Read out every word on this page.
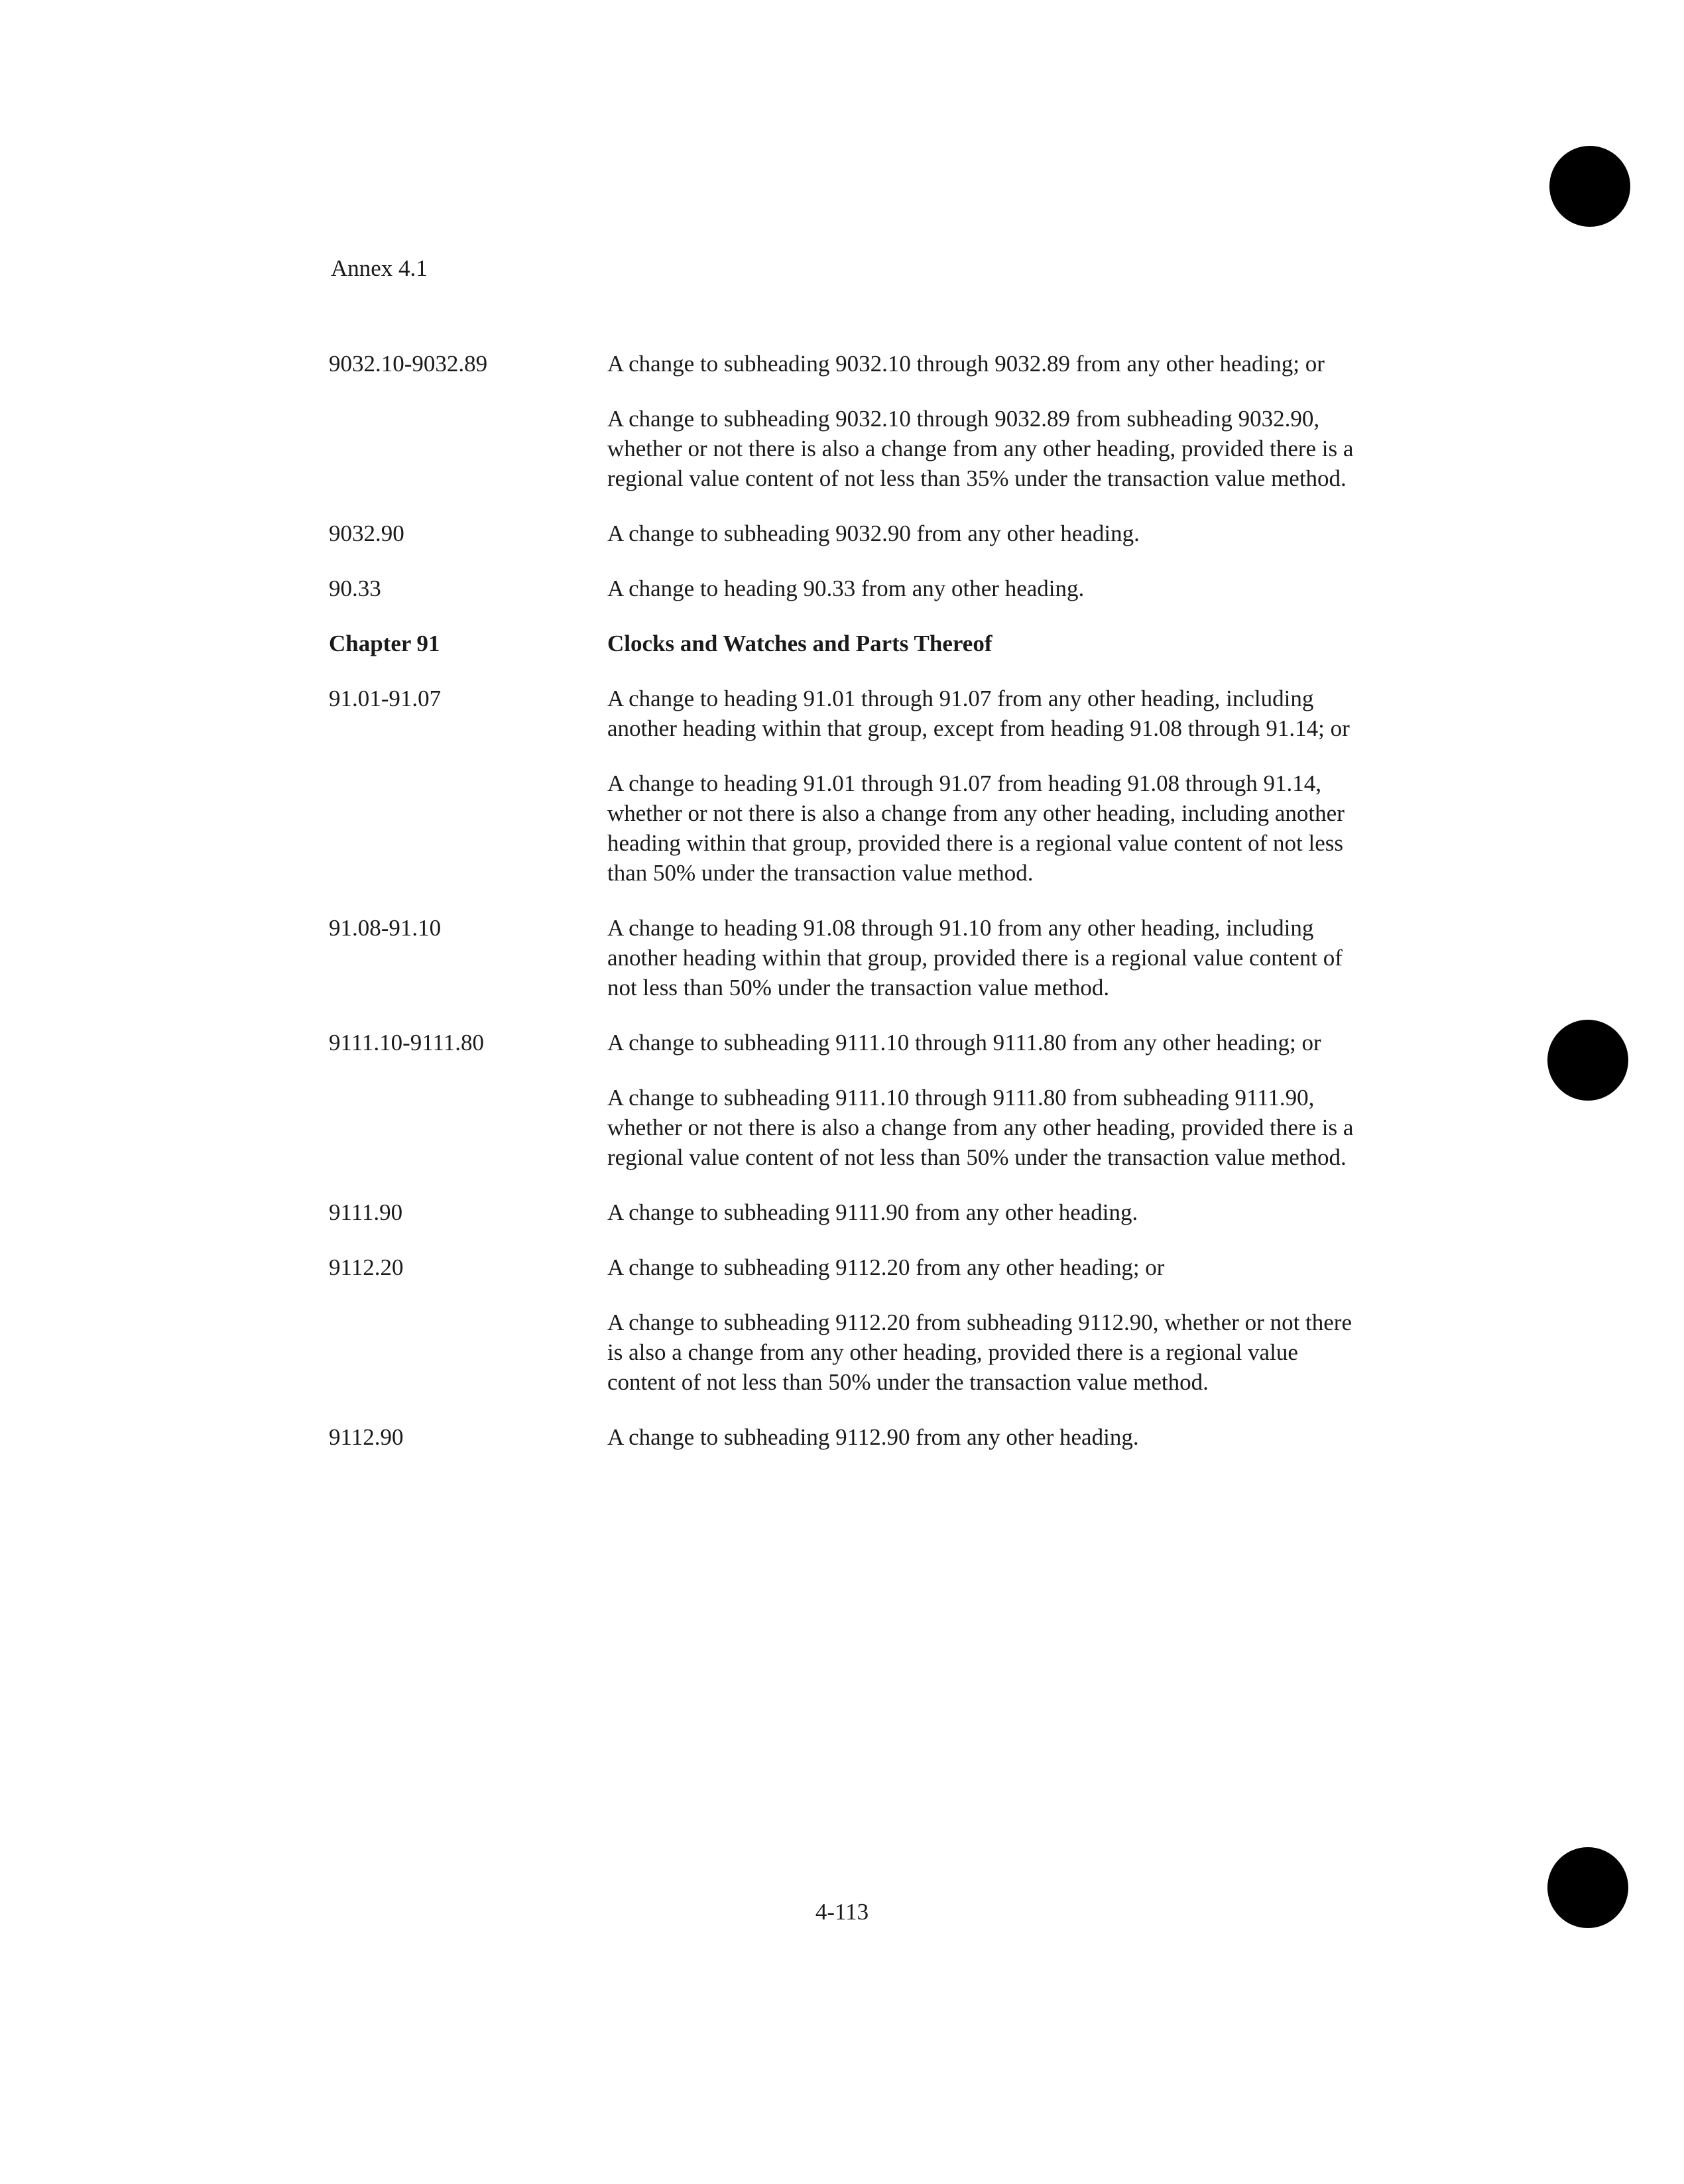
Annex 4.1
9032.10-9032.89	A change to subheading 9032.10 through 9032.89 from any other heading; or

A change to subheading 9032.10 through 9032.89 from subheading 9032.90, whether or not there is also a change from any other heading, provided there is a regional value content of not less than 35% under the transaction value method.

9032.90	A change to subheading 9032.90 from any other heading.

90.33	A change to heading 90.33 from any other heading.

Chapter 91	Clocks and Watches and Parts Thereof

91.01-91.07	A change to heading 91.01 through 91.07 from any other heading, including another heading within that group, except from heading 91.08 through 91.14; or

A change to heading 91.01 through 91.07 from heading 91.08 through 91.14, whether or not there is also a change from any other heading, including another heading within that group, provided there is a regional value content of not less than 50% under the transaction value method.

91.08-91.10	A change to heading 91.08 through 91.10 from any other heading, including another heading within that group, provided there is a regional value content of not less than 50% under the transaction value method.

9111.10-9111.80	A change to subheading 9111.10 through 9111.80 from any other heading; or

A change to subheading 9111.10 through 9111.80 from subheading 9111.90, whether or not there is also a change from any other heading, provided there is a regional value content of not less than 50% under the transaction value method.

9111.90	A change to subheading 9111.90 from any other heading.

9112.20	A change to subheading 9112.20 from any other heading; or

A change to subheading 9112.20 from subheading 9112.90, whether or not there is also a change from any other heading, provided there is a regional value content of not less than 50% under the transaction value method.

9112.90	A change to subheading 9112.90 from any other heading.

4-113
